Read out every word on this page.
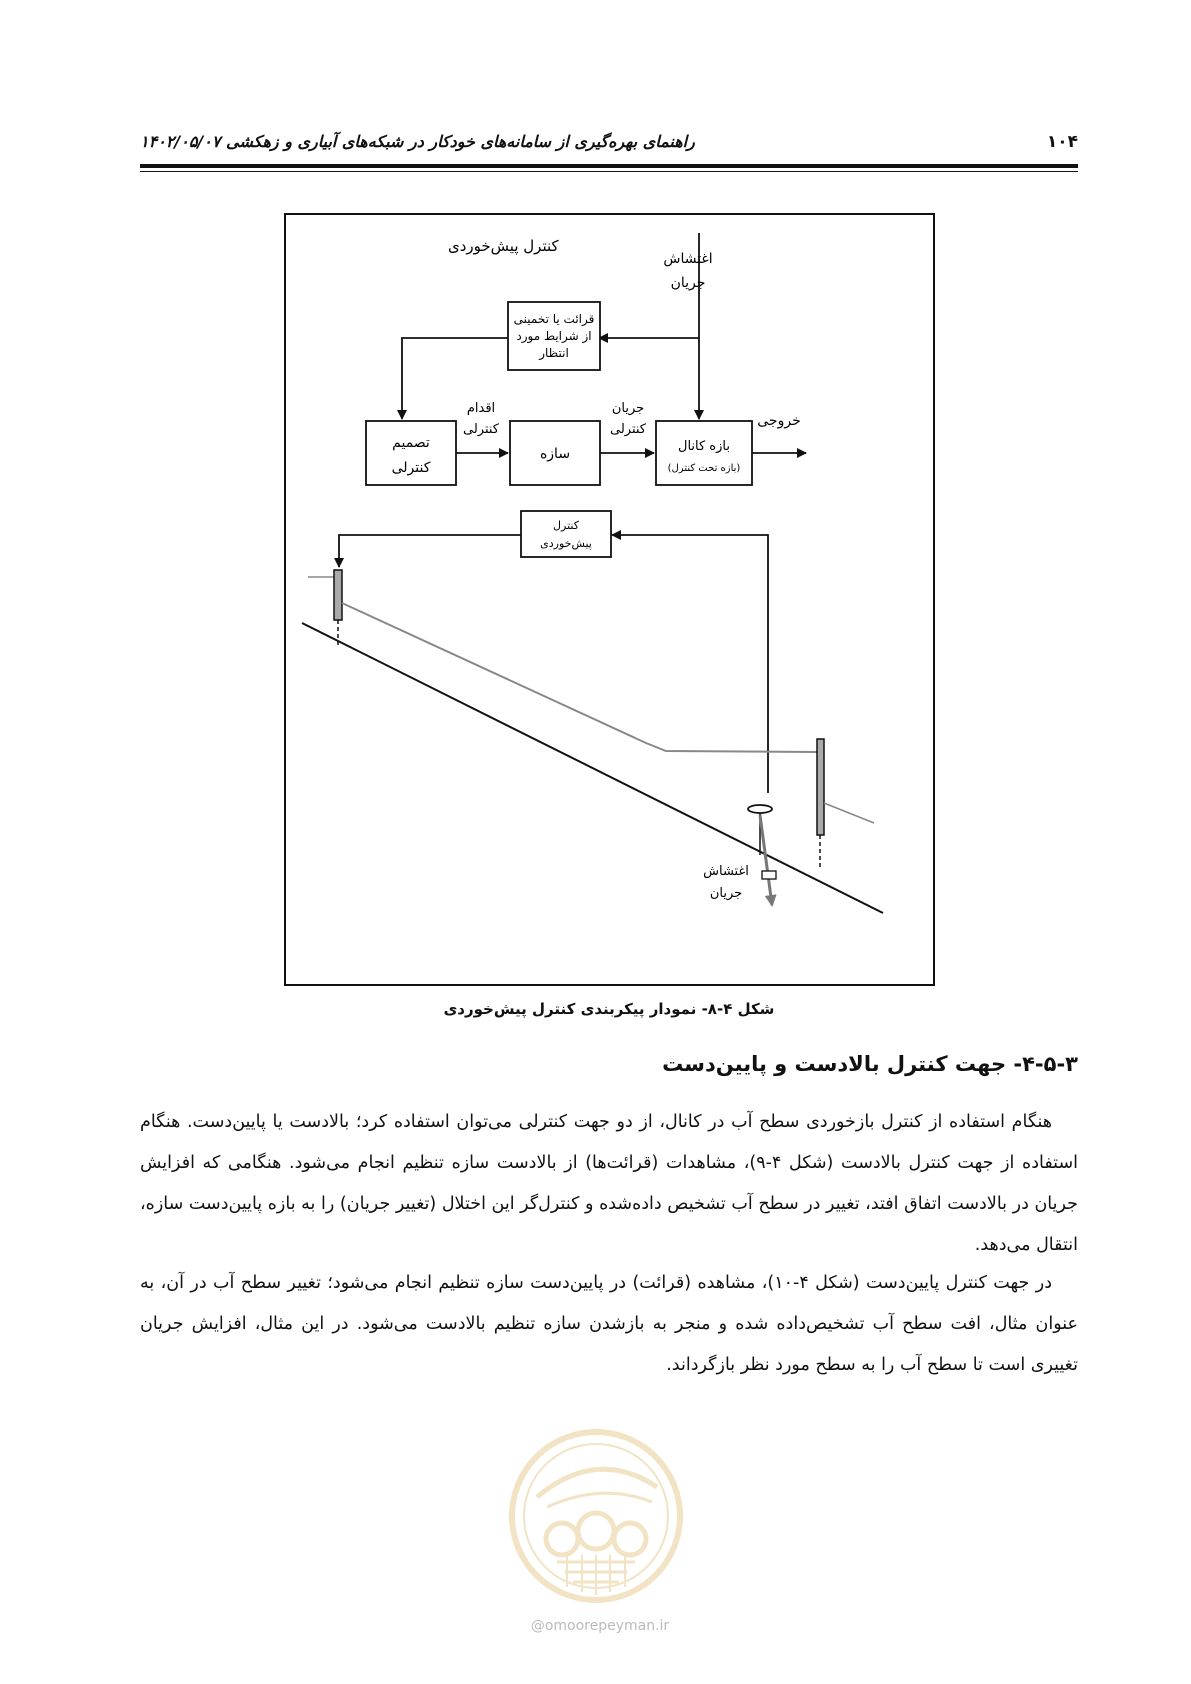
۱۰۴
راهنمای بهره‌گیری از سامانه‌های خودکار در شبکه‌های آبیاری و زهکشی ۱۴۰۲/۰۵/۰۷
کنترل پیش‌خوردی
اغتشاش
جریان
قرائت یا تخمینی
از شرایط مورد
انتظار
تصمیم
کنترلی
اقدام
کنترلی
سازه
جریان
کنترلی
بازه کانال
(بازه تحت کنترل)
خروجی
کنترل
پیش‌خوردی
اغتشاش
جریان
شکل ۴-۸- نمودار پیکربندی کنترل پیش‌خوردی
۴-۵-۳- جهت کنترل بالادست و پایین‌دست

هنگام استفاده از کنترل بازخوردی سطح آب در کانال، از دو جهت کنترلی می‌توان استفاده کرد؛ بالادست یا پایین‌دست. هنگام استفاده از جهت کنترل بالادست (شکل ۴-۹)، مشاهدات (قرائت‌ها) از بالادست سازه تنظیم انجام می‌شود. هنگامی که افزایش جریان در بالادست اتفاق افتد، تغییر در سطح آب تشخیص داده‌شده و کنترل‌گر این اختلال (تغییر جریان) را به بازه پایین‌دست سازه، انتقال می‌دهد.

در جهت کنترل پایین‌دست (شکل ۴-۱۰)، مشاهده (قرائت) در پایین‌دست سازه تنظیم انجام می‌شود؛ تغییر سطح آب در آن، به عنوان مثال، افت سطح آب تشخیص‌داده شده و منجر به بازشدن سازه تنظیم بالادست می‌شود. در این مثال، افزایش جریان تغییری است تا سطح آب را به سطح مورد نظر بازگرداند.

@omoorepeyman.ir
